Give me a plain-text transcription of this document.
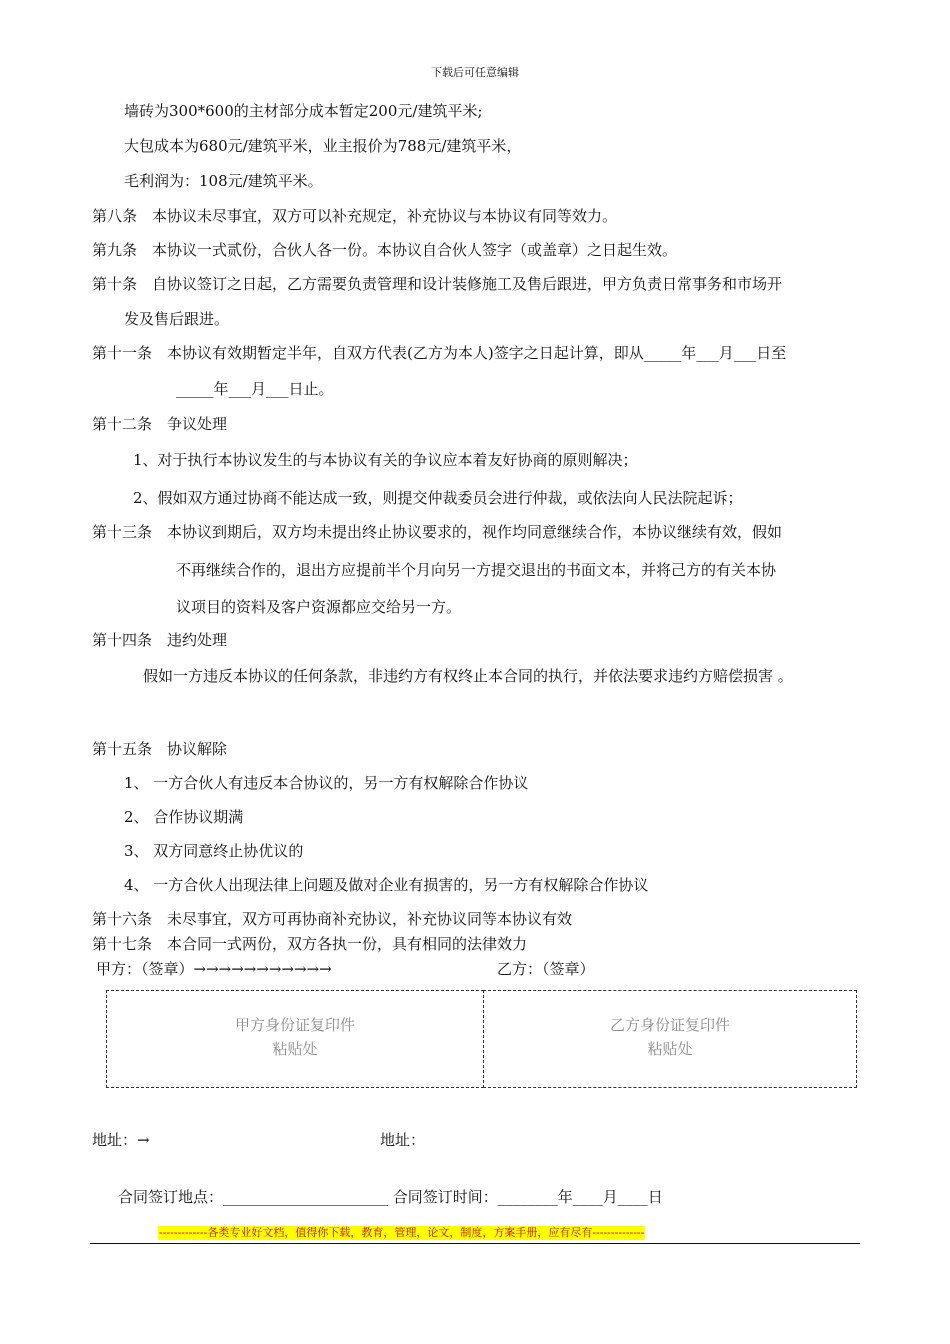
下载后可任意编辑
墙砖为300*600的主材部分成本暂定200元/建筑平米;
大包成本为680元/建筑平米，业主报价为788元/建筑平米，
毛利润为：108元/建筑平米。
第八条　本协议未尽事宜，双方可以补充规定，补充协议与本协议有同等效力。
第九条　本协议一式贰份，合伙人各一份。本协议自合伙人签字（或盖章）之日起生效。
第十条　自协议签订之日起，乙方需要负责管理和设计装修施工及售后跟进，甲方负责日常事务和市场开
发及售后跟进。
第十一条　本协议有效期暂定半年，自双方代表(乙方为本人)签字之日起计算，即从_____年___月___日至
_____年___月___日止。
第十二条　争议处理
1、对于执行本协议发生的与本协议有关的争议应本着友好协商的原则解决；
2、假如双方通过协商不能达成一致，则提交仲裁委员会进行仲裁，或依法向人民法院起诉；
第十三条　本协议到期后，双方均未提出终止协议要求的，视作均同意继续合作，本协议继续有效，假如
不再继续合作的，退出方应提前半个月向另一方提交退出的书面文本，并将己方的有关本协
议项目的资料及客户资源都应交给另一方。
第十四条　违约处理
假如一方违反本协议的任何条款，非违约方有权终止本合同的执行，并依法要求违约方赔偿损害 。
第十五条　协议解除
1、 一方合伙人有违反本合协议的，另一方有权解除合作协议
2、 合作协议期满
3、 双方同意终止协优议的
4、 一方合伙人出现法律上问题及做对企业有损害的，另一方有权解除合作协议
第十六条　未尽事宜，双方可再协商补充协议，补充协议同等本协议有效
第十七条　本合同一式两份，双方各执一份，具有相同的法律效力
甲方：（签章）→→→→→→→→→→→	乙方：（签章）
甲方身份证复印件
粘贴处
乙方身份证复印件
粘贴处
地址：→	地址：
合同签订地点：______________________ 合同签订时间：________年____月____日
-------------各类专业好文档，值得你下载，教育，管理，论文，制度，方案手册，应有尽有--------------
